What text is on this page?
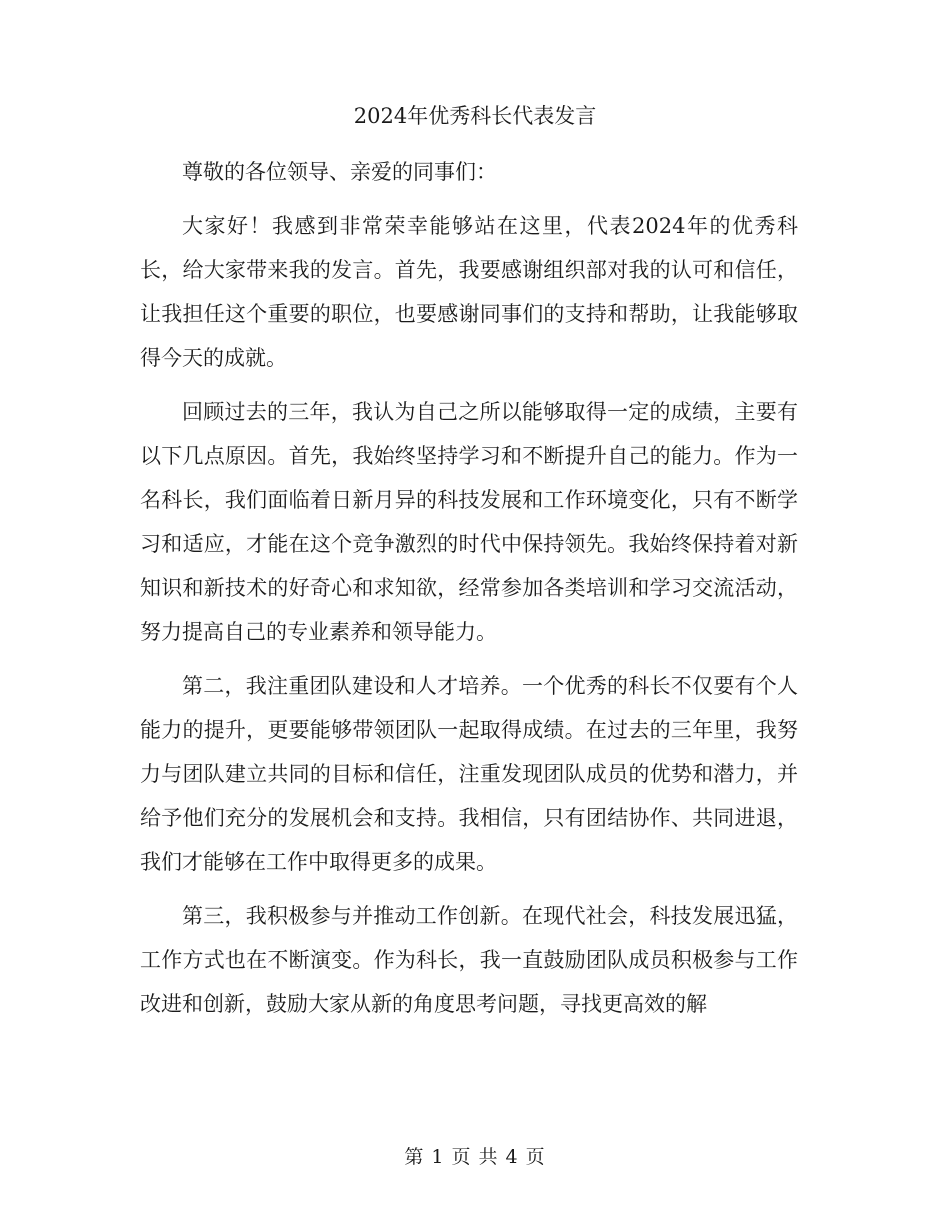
2024年优秀科长代表发言

尊敬的各位领导、亲爱的同事们：

大家好！我感到非常荣幸能够站在这里，代表2024年的优秀科长，给大家带来我的发言。首先，我要感谢组织部对我的认可和信任，让我担任这个重要的职位，也要感谢同事们的支持和帮助，让我能够取得今天的成就。

回顾过去的三年，我认为自己之所以能够取得一定的成绩，主要有以下几点原因。首先，我始终坚持学习和不断提升自己的能力。作为一名科长，我们面临着日新月异的科技发展和工作环境变化，只有不断学习和适应，才能在这个竞争激烈的时代中保持领先。我始终保持着对新知识和新技术的好奇心和求知欲，经常参加各类培训和学习交流活动，努力提高自己的专业素养和领导能力。

第二，我注重团队建设和人才培养。一个优秀的科长不仅要有个人能力的提升，更要能够带领团队一起取得成绩。在过去的三年里，我努力与团队建立共同的目标和信任，注重发现团队成员的优势和潜力，并给予他们充分的发展机会和支持。我相信，只有团结协作、共同进退，我们才能够在工作中取得更多的成果。

第三，我积极参与并推动工作创新。在现代社会，科技发展迅猛，工作方式也在不断演变。作为科长，我一直鼓励团队成员积极参与工作改进和创新，鼓励大家从新的角度思考问题，寻找更高效的解

第 1 页 共 4 页
